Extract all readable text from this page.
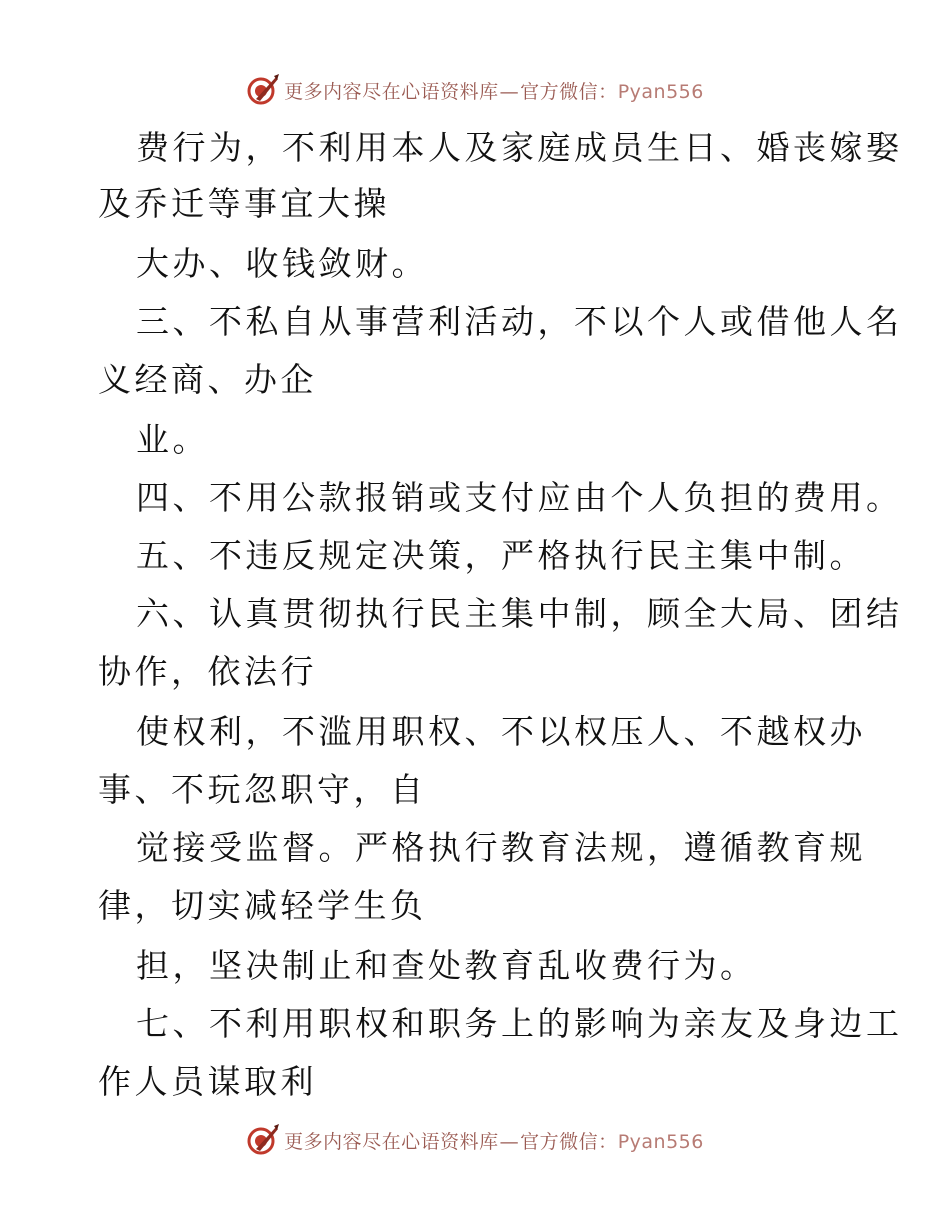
更多内容尽在心语资料库—官方微信：Pyan556
费行为，不利用本人及家庭成员生日、婚丧嫁娶
及乔迁等事宜大操
大办、收钱敛财。
三、不私自从事营利活动，不以个人或借他人名
义经商、办企
业。
四、不用公款报销或支付应由个人负担的费用。
五、不违反规定决策，严格执行民主集中制。
六、认真贯彻执行民主集中制，顾全大局、团结
协作，依法行
使权利，不滥用职权、不以权压人、不越权办
事、不玩忽职守，自
觉接受监督。严格执行教育法规，遵循教育规
律，切实减轻学生负
担，坚决制止和查处教育乱收费行为。
七、不利用职权和职务上的影响为亲友及身边工
作人员谋取利
更多内容尽在心语资料库—官方微信：Pyan556
